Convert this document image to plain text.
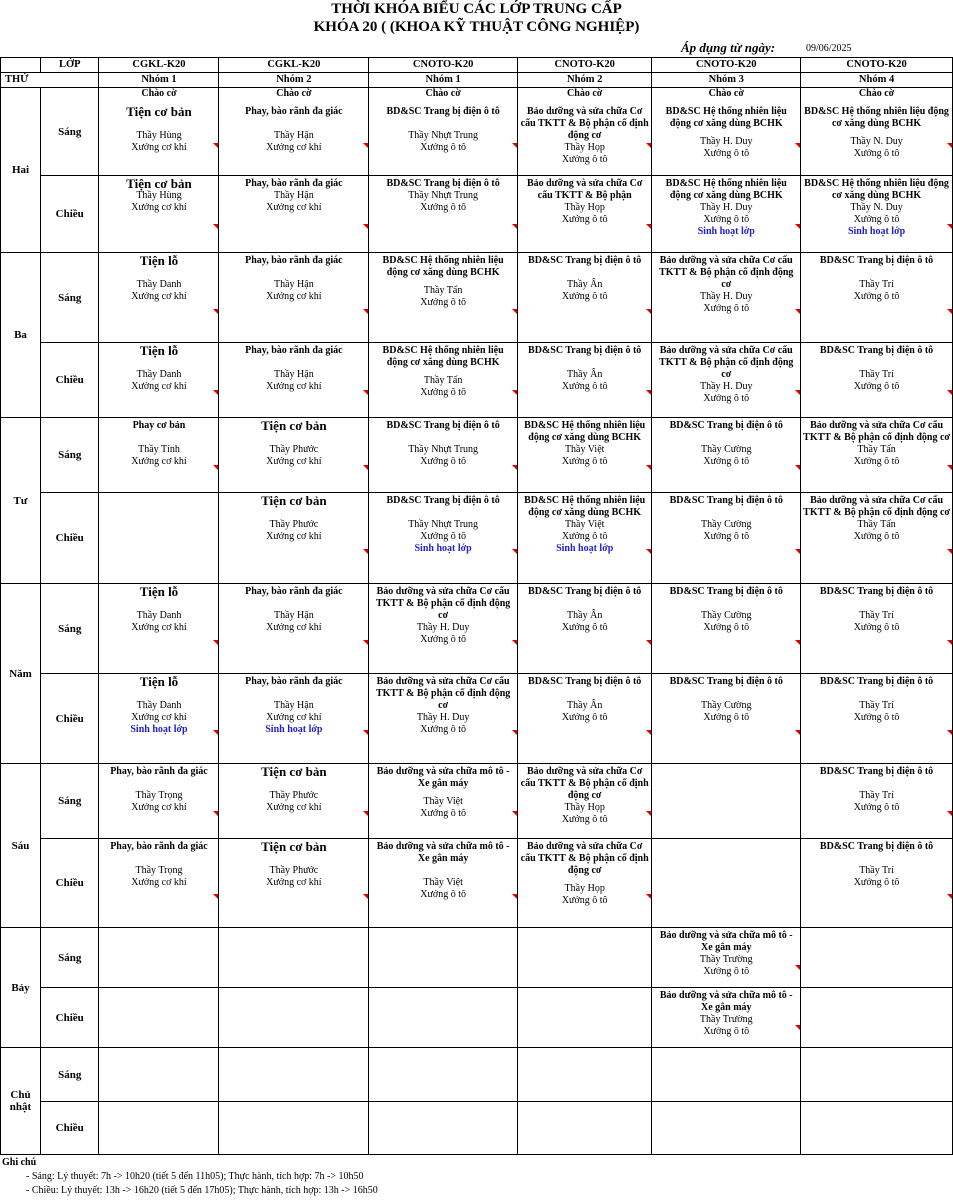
THỜI KHÓA BIỂU CÁC LỚP TRUNG CẤP
KHÓA 20 ( (KHOA KỸ THUẬT CÔNG NGHIỆP)
Áp dụng từ ngày:	09/06/2025
	LỚP	CGKL-K20	CGKL-K20	CNOTO-K20	CNOTO-K20	CNOTO-K20	CNOTO-K20
THỨ		Nhóm 1	Nhóm 2	Nhóm 1	Nhóm 2	Nhóm 3	Nhóm 4
Hai	Sáng	Chào cờ
Tiện cơ bản
Thầy Hùng
Xưởng cơ khí	Chào cờ
Phay, bào rãnh đa giác
Thầy Hận
Xưởng cơ khí	Chào cờ
BD&SC Trang bị điện ô tô
Thầy Nhựt Trung
Xưởng ô tô	Chào cờ
Bảo dưỡng và sửa chữa Cơ cấu TKTT & Bộ phận cố định động cơ
Thầy Họp
Xưởng ô tô	Chào cờ
BD&SC Hệ thống nhiên liệu động cơ xăng dùng BCHK
Thầy H. Duy
Xưởng ô tô	Chào cờ
BD&SC Hệ thống nhiên liệu động cơ xăng dùng BCHK
Thầy N. Duy
Xưởng ô tô

	Chiều	Tiện cơ bản
Thầy Hùng
Xưởng cơ khí	Phay, bào rãnh đa giác
Thầy Hận
Xưởng cơ khí	BD&SC Trang bị điện ô tô
Thầy Nhựt Trung
Xưởng ô tô	Bảo dưỡng và sửa chữa Cơ cấu TKTT & Bộ phận
Thầy Họp
Xưởng ô tô	BD&SC Hệ thống nhiên liệu động cơ xăng dùng BCHK
Thầy H. Duy
Xưởng ô tô
Sinh hoạt lớp	BD&SC Hệ thống nhiên liệu động cơ xăng dùng BCHK
Thầy N. Duy
Xưởng ô tô
Sinh hoạt lớp

Ba	Sáng	Tiện lỗ
Thầy Danh
Xưởng cơ khí	Phay, bào rãnh đa giác
Thầy Hận
Xưởng cơ khí	BD&SC Hệ thống nhiên liệu động cơ xăng dùng BCHK
Thầy Tấn
Xưởng ô tô	BD&SC Trang bị điện ô tô
Thầy Ân
Xưởng ô tô	Bảo dưỡng và sửa chữa Cơ cấu TKTT & Bộ phận cố định động cơ
Thầy H. Duy
Xưởng ô tô	BD&SC Trang bị điện ô tô
Thầy Trí
Xưởng ô tô

	Chiều	Tiện lỗ
Thầy Danh
Xưởng cơ khí	Phay, bào rãnh đa giác
Thầy Hận
Xưởng cơ khí	BD&SC Hệ thống nhiên liệu động cơ xăng dùng BCHK
Thầy Tấn
Xưởng ô tô	BD&SC Trang bị điện ô tô
Thầy Ân
Xưởng ô tô	Bảo dưỡng và sửa chữa Cơ cấu TKTT & Bộ phận cố định động cơ
Thầy H. Duy
Xưởng ô tô	BD&SC Trang bị điện ô tô
Thầy Trí
Xưởng ô tô

Tư	Sáng	Phay cơ bản
Thầy Tính
Xưởng cơ khí	Tiện cơ bản
Thầy Phước
Xưởng cơ khí	BD&SC Trang bị điện ô tô
Thầy Nhựt Trung
Xưởng ô tô	BD&SC Hệ thống nhiên liệu động cơ xăng dùng BCHK
Thầy Việt
Xưởng ô tô	BD&SC Trang bị điện ô tô
Thầy Cường
Xưởng ô tô	Bảo dưỡng và sửa chữa Cơ cấu TKTT & Bộ phận cố định động cơ
Thầy Tấn
Xưởng ô tô

	Chiều		Tiện cơ bản
Thầy Phước
Xưởng cơ khí	BD&SC Trang bị điện ô tô
Thầy Nhựt Trung
Xưởng ô tô
Sinh hoạt lớp	BD&SC Hệ thống nhiên liệu động cơ xăng dùng BCHK
Thầy Việt
Xưởng ô tô
Sinh hoạt lớp	BD&SC Trang bị điện ô tô
Thầy Cường
Xưởng ô tô	Bảo dưỡng và sửa chữa Cơ cấu TKTT & Bộ phận cố định động cơ
Thầy Tấn
Xưởng ô tô

Năm	Sáng	Tiện lỗ
Thầy Danh
Xưởng cơ khí	Phay, bào rãnh đa giác
Thầy Hận
Xưởng cơ khí	Bảo dưỡng và sửa chữa Cơ cấu TKTT & Bộ phận cố định động cơ
Thầy H. Duy
Xưởng ô tô	BD&SC Trang bị điện ô tô
Thầy Ân
Xưởng ô tô	BD&SC Trang bị điện ô tô
Thầy Cường
Xưởng ô tô	BD&SC Trang bị điện ô tô
Thầy Trí
Xưởng ô tô

	Chiều	Tiện lỗ
Thầy Danh
Xưởng cơ khí
Sinh hoạt lớp	Phay, bào rãnh đa giác
Thầy Hận
Xưởng cơ khí
Sinh hoạt lớp	Bảo dưỡng và sửa chữa Cơ cấu TKTT & Bộ phận cố định động cơ
Thầy H. Duy
Xưởng ô tô	BD&SC Trang bị điện ô tô
Thầy Ân
Xưởng ô tô	BD&SC Trang bị điện ô tô
Thầy Cường
Xưởng ô tô	BD&SC Trang bị điện ô tô
Thầy Trí
Xưởng ô tô

Sáu	Sáng	Phay, bào rãnh đa giác
Thầy Trọng
Xưởng cơ khí	Tiện cơ bản
Thầy Phước
Xưởng cơ khí	Bảo dưỡng và sửa chữa mô tô - Xe gắn máy
Thầy Việt
Xưởng ô tô	Bảo dưỡng và sửa chữa Cơ cấu TKTT & Bộ phận cố định động cơ
Thầy Họp
Xưởng ô tô		BD&SC Trang bị điện ô tô
Thầy Trí
Xưởng ô tô

	Chiều	Phay, bào rãnh đa giác
Thầy Trọng
Xưởng cơ khí	Tiện cơ bản
Thầy Phước
Xưởng cơ khí	Bảo dưỡng và sửa chữa mô tô - Xe gắn máy
Thầy Việt
Xưởng ô tô	Bảo dưỡng và sửa chữa Cơ cấu TKTT & Bộ phận cố định động cơ
Thầy Họp
Xưởng ô tô		BD&SC Trang bị điện ô tô
Thầy Trí
Xưởng ô tô

Bảy	Sáng					Bảo dưỡng và sửa chữa mô tô - Xe gắn máy
Thầy Trường
Xưởng ô tô	

	Chiều					Bảo dưỡng và sửa chữa mô tô - Xe gắn máy
Thầy Trường
Xưởng ô tô	

Chủ nhật	Sáng						
	Chiều						
Ghi chú
- Sáng: Lý thuyết: 7h -> 10h20 (tiết 5 đến 11h05); Thực hành, tích hợp: 7h -> 10h50
- Chiều: Lý thuyết: 13h -> 16h20 (tiết 5 đến 17h05); Thực hành, tích hợp: 13h -> 16h50
